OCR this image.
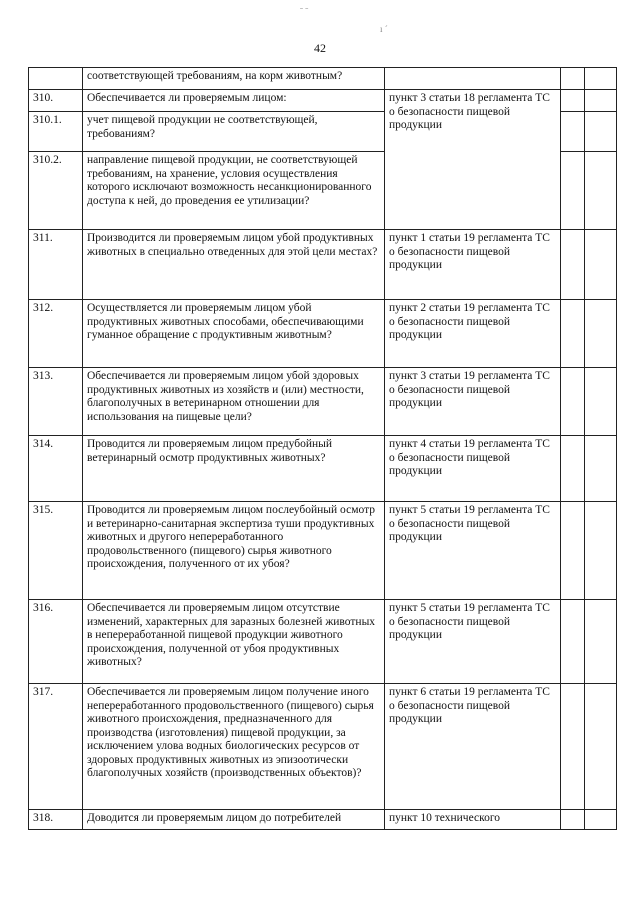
ˉ ˉ
ı ˊ
42
	соответствующей требованиям, на корм животным?			
310.	Обеспечивается ли проверяемым лицом:	пункт 3 статьи 18 регламента ТС о безопасности пищевой продукции		
310.1.	учет пищевой продукции не соответствующей, требованиям?			
310.2.	направление пищевой продукции, не соответствующей требованиям, на хранение, условия осуществления которого исключают возможность несанкционированного доступа к ней, до проведения ее утилизации?			
311.	Производится ли проверяемым лицом убой продуктивных животных в специально отведенных для этой цели местах?	пункт 1 статьи 19 регламента ТС о безопасности пищевой продукции		
312.	Осуществляется ли проверяемым лицом убой продуктивных животных способами, обеспечивающими гуманное обращение с продуктивным животным?	пункт 2 статьи 19 регламента ТС о безопасности пищевой продукции		
313.	Обеспечивается ли проверяемым лицом убой здоровых продуктивных животных из хозяйств и (или) местности, благополучных в ветеринарном отношении для использования на пищевые цели?	пункт 3 статьи 19 регламента ТС о безопасности пищевой продукции		
314.	Проводится ли проверяемым лицом предубойный ветеринарный осмотр продуктивных животных?	пункт 4 статьи 19 регламента ТС о безопасности пищевой продукции		
315.	Проводится ли проверяемым лицом послеубойный осмотр и ветеринарно-санитарная экспертиза туши продуктивных животных и другого непереработанного продовольственного (пищевого) сырья животного происхождения, полученного от их убоя?	пункт 5 статьи 19 регламента ТС о безопасности пищевой продукции		
316.	Обеспечивается ли проверяемым лицом отсутствие изменений, характерных для заразных болезней животных в непереработанной пищевой продукции животного происхождения, полученной от убоя продуктивных животных?	пункт 5 статьи 19 регламента ТС о безопасности пищевой продукции		
317.	Обеспечивается ли проверяемым лицом получение иного непереработанного продовольственного (пищевого) сырья животного происхождения, предназначенного для производства (изготовления) пищевой продукции, за исключением улова водных биологических ресурсов от здоровых продуктивных животных из эпизоотически благополучных хозяйств (производственных объектов)?	пункт 6 статьи 19 регламента ТС о безопасности пищевой продукции		
318.	Доводится ли проверяемым лицом до потребителей	пункт 10 технического		
